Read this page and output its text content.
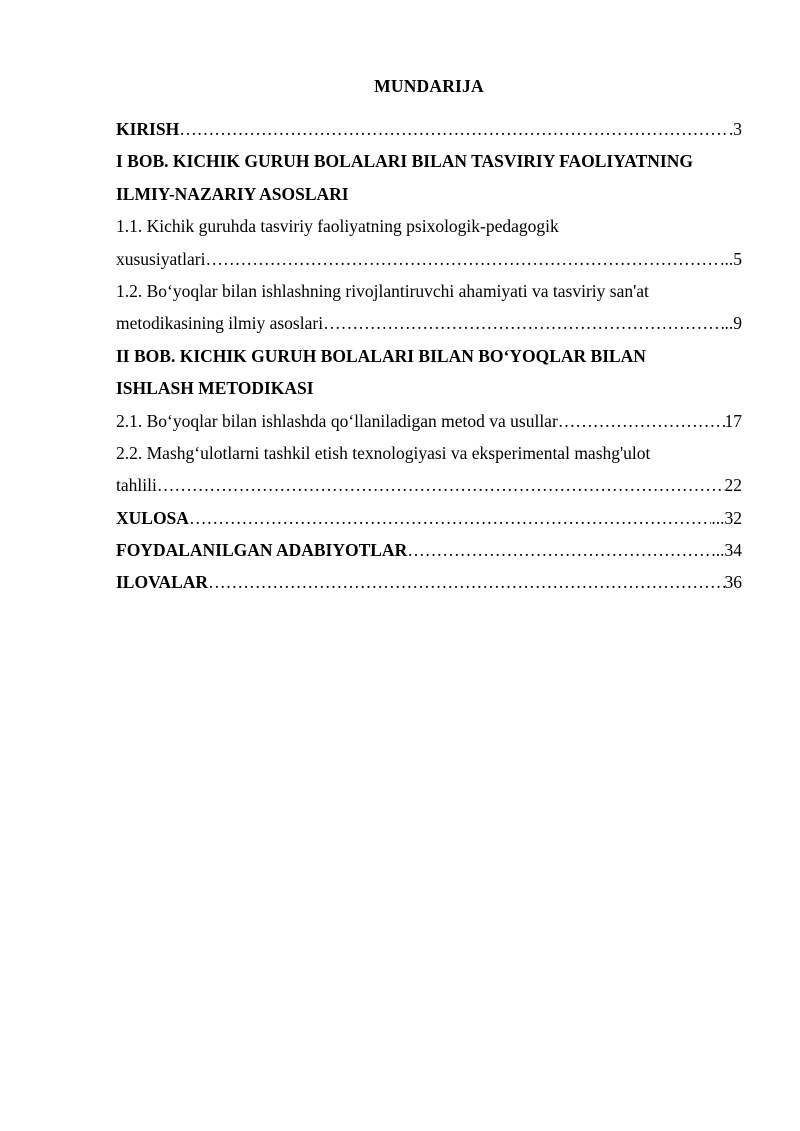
MUNDARIJA
KIRISH ……………………………………………………………………………………………………………………………………………………………………	.3
I BOB. KICHIK GURUH BOLALARI BILAN TASVIRIY FAOLIYATNING
ILMIY-NAZARIY ASOSLARI
1.1. Kichik guruhda tasviriy faoliyatning psixologik-pedagogik
xususiyatlari ……………………………………………………………………………………………………………………………………………………………………	...5
1.2. Bo‘yoqlar bilan ishlashning rivojlantiruvchi ahamiyati va tasviriy san'at
metodikasining ilmiy asoslari ……………………………………………………………………………………………………………………………………………………………………	..9
II BOB. KICHIK GURUH BOLALARI BILAN BO‘YOQLAR BILAN
ISHLASH METODIKASI
2.1. Bo‘yoqlar bilan ishlashda qo‘llaniladigan metod va usullar ……………………………………………………………………………………………………………………………………………………………………	17
2.2. Mashg‘ulotlarni tashkil etish texnologiyasi va eksperimental mashg'ulot
tahlili ……………………………………………………………………………………………………………………………………………………………………	22
XULOSA ……………………………………………………………………………………………………………………………………………………………………	...32
FOYDALANILGAN ADABIYOTLAR ……………………………………………………………………………………………………………………………………………………………………	..34
ILOVALAR ……………………………………………………………………………………………………………………………………………………………………	36
